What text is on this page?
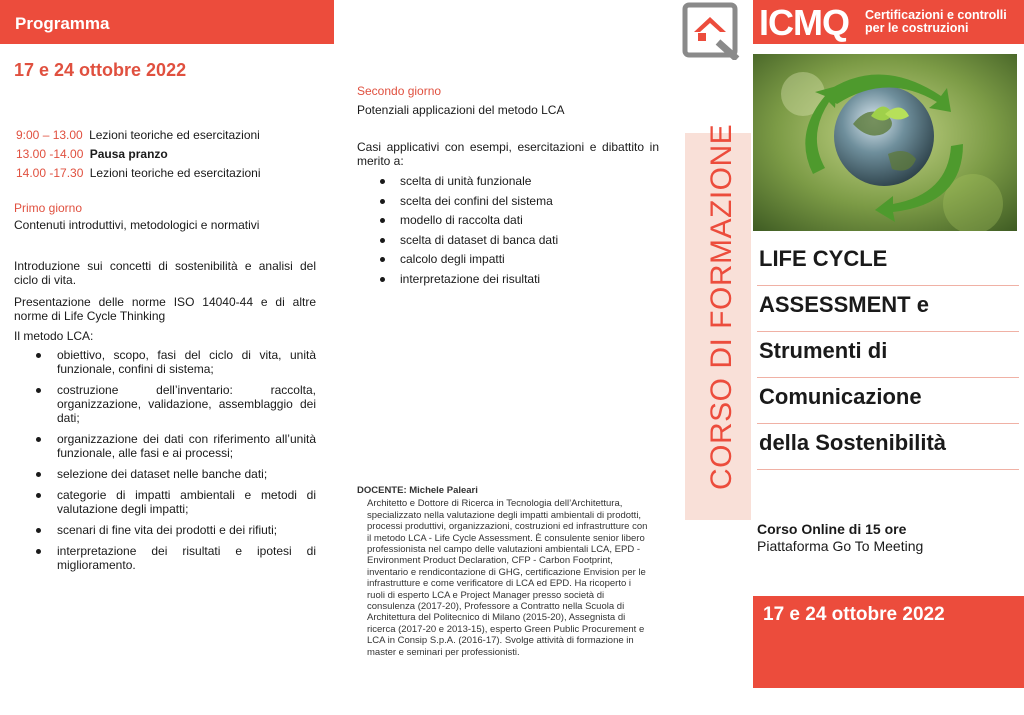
Programma
17 e 24 ottobre 2022
9:00 – 13.00 Lezioni teoriche ed esercitazioni
13.00 -14.00 Pausa pranzo
14.00 -17.30 Lezioni teoriche ed esercitazioni
Primo giorno
Contenuti introduttivi, metodologici e normativi
Introduzione sui concetti di sostenibilità e analisi del ciclo di vita.
Presentazione delle norme ISO 14040-44 e di altre norme di Life Cycle Thinking
Il metodo LCA:
obiettivo, scopo, fasi del ciclo di vita, unità funzionale, confini di sistema;
costruzione dell’inventario: raccolta, organizzazione, validazione, assemblaggio dei dati;
organizzazione dei dati con riferimento all’unità funzionale, alle fasi e ai processi;
selezione dei dataset nelle banche dati;
categorie di impatti ambientali e metodi di valutazione degli impatti;
scenari di fine vita dei prodotti e dei rifiuti;
interpretazione dei risultati e ipotesi di miglioramento.
Secondo giorno
Potenziali applicazioni del metodo LCA
Casi applicativi con esempi, esercitazioni e dibattito in merito a:
scelta di unità funzionale
scelta dei confini del sistema
modello di raccolta dati
scelta di dataset di banca dati
calcolo degli impatti
interpretazione dei risultati
DOCENTE: Michele Paleari
Architetto e Dottore di Ricerca in Tecnologia dell’Architettura, specializzato nella valutazione degli impatti ambientali di prodotti, processi produttivi, organizzazioni, costruzioni ed infrastrutture con il metodo LCA - Life Cycle Assessment. È consulente senior libero professionista nel campo delle valutazioni ambientali LCA, EPD - Environment Product Declaration, CFP - Carbon Footprint, inventario e rendicontazione di GHG, certificazione Envision per le infrastrutture e come verificatore di LCA ed EPD. Ha ricoperto i ruoli di esperto LCA e Project Manager presso società di consulenza (2017-20), Professore a Contratto nella Scuola di Architettura del Politecnico di Milano (2015-20), Assegnista di ricerca (2017-20 e 2013-15), esperto Green Public Procurement e LCA in Consip S.p.A. (2016-17). Svolge attività di formazione in master e seminari per professionisti.
CORSO DI FORMAZIONE
ICMQ Certificazioni e controlli
per le costruzioni
LIFE CYCLE
ASSESSMENT e
Strumenti di
Comunicazione
della Sostenibilità
Corso Online di 15 ore
Piattaforma Go To Meeting
17 e 24 ottobre 2022
